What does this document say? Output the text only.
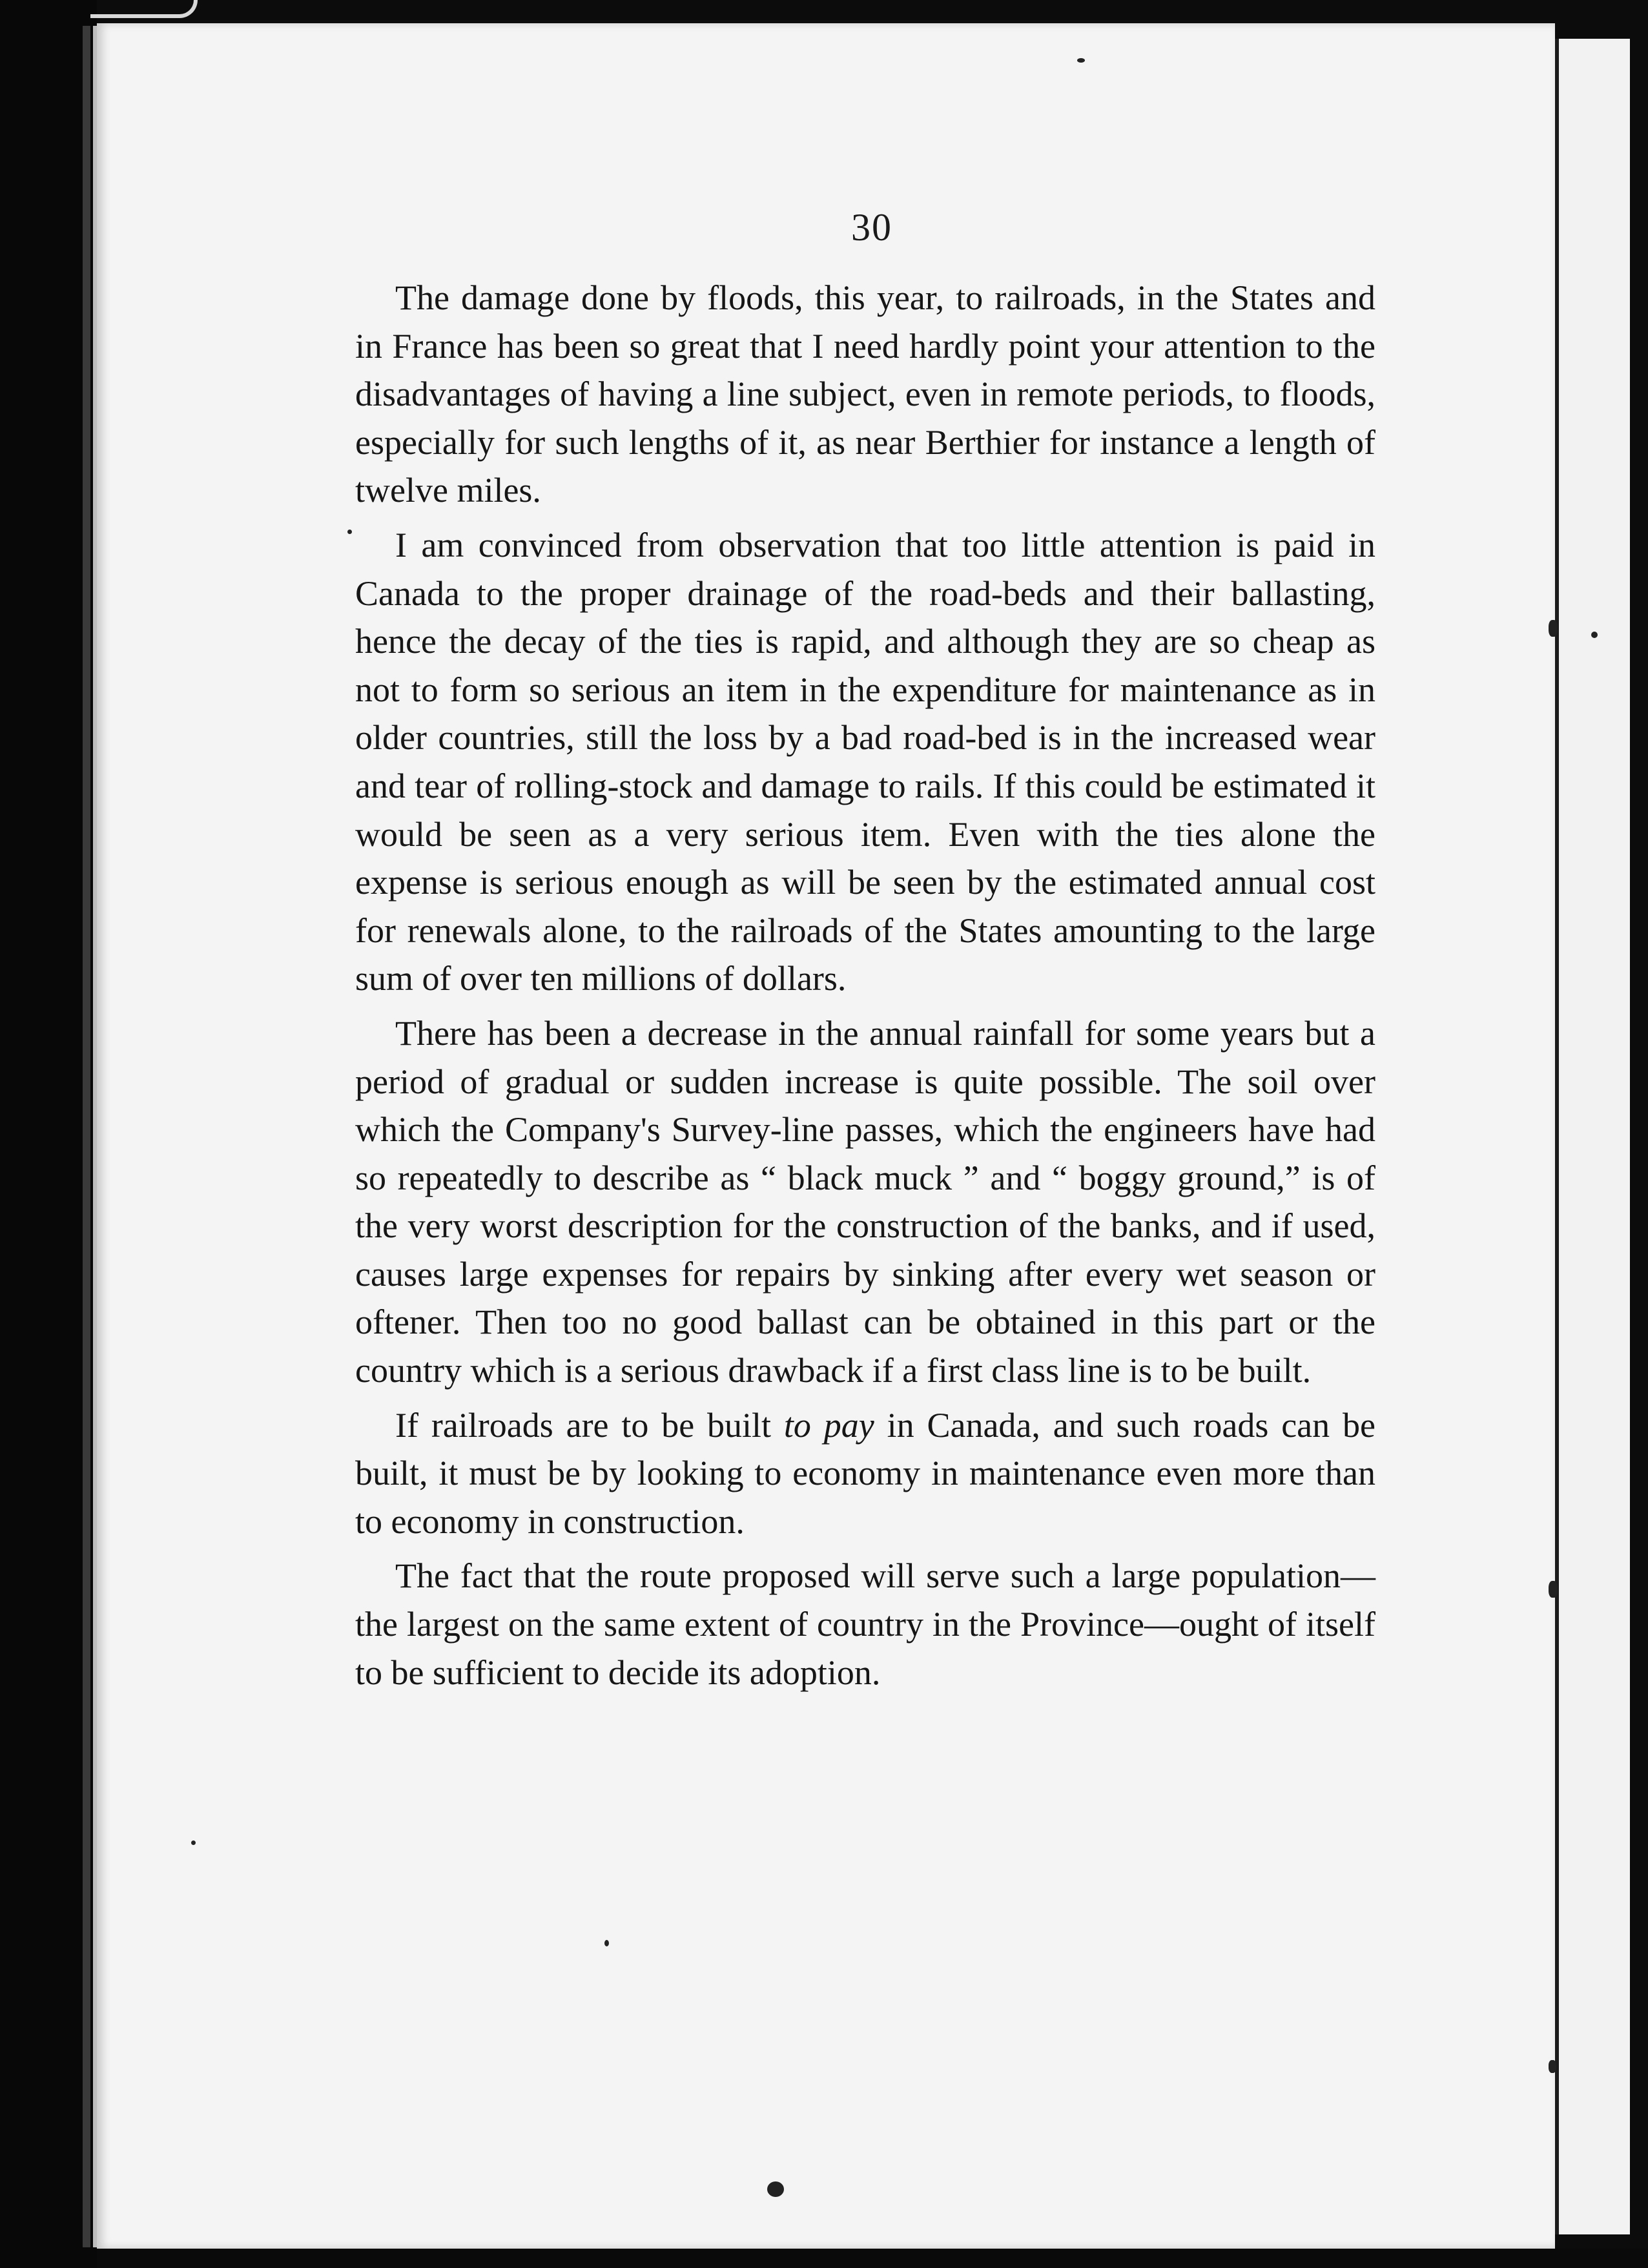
30

The damage done by floods, this year, to railroads, in the States and in France has been so great that I need hardly point your attention to the disadvantages of having a line subject, even in remote periods, to floods, especially for such lengths of it, as near Berthier for instance a length of twelve miles.

I am convinced from observation that too little attention is paid in Canada to the proper drainage of the road-beds and their ballasting, hence the decay of the ties is rapid, and although they are so cheap as not to form so serious an item in the expenditure for maintenance as in older countries, still the loss by a bad road-bed is in the increased wear and tear of rolling-stock and damage to rails. If this could be estimated it would be seen as a very serious item. Even with the ties alone the expense is serious enough as will be seen by the estimated annual cost for renewals alone, to the railroads of the States amounting to the large sum of over ten millions of dollars.

There has been a decrease in the annual rainfall for some years but a period of gradual or sudden increase is quite possible. The soil over which the Company's Survey-line passes, which the engineers have had so repeatedly to describe as “ black muck ” and “ boggy ground,” is of the very worst description for the construction of the banks, and if used, causes large expenses for repairs by sinking after every wet season or oftener. Then too no good ballast can be obtained in this part or the country which is a serious drawback if a first class line is to be built.

If railroads are to be built to pay in Canada, and such roads can be built, it must be by looking to economy in maintenance even more than to economy in construction.

The fact that the route proposed will serve such a large population—the largest on the same extent of country in the Province—ought of itself to be sufficient to decide its adoption.
